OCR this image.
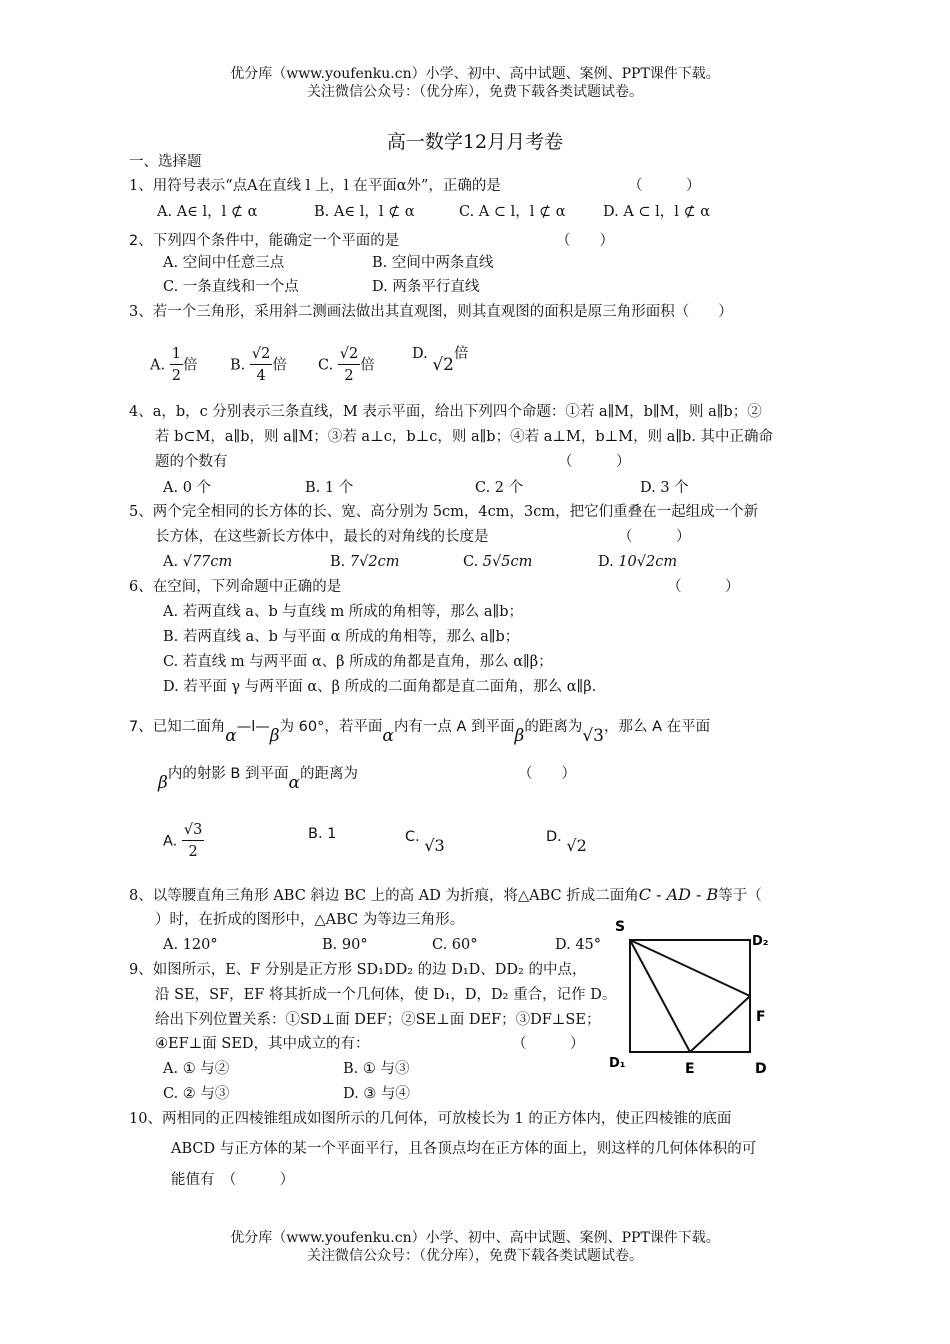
优分库（www.youfenku.cn）小学、初中、高中试题、案例、PPT课件下载。
关注微信公众号：（优分库），免费下载各类试题试卷。
高一数学12月月考卷
一、选择题
1、用符号表示“点A在直线 l 上，l 在平面α外”，正确的是	（　　　）
A. A∈ l，l ⊄ α	B. A∈ l，l ⊄ α	C. A ⊂ l，l ⊄ α	D. A ⊂ l，l ⊄ α
2、下列四个条件中，能确定一个平面的是	（　　）
A. 空间中任意三点	B. 空间中两条直线
C. 一条直线和一个点	D. 两条平行直线
3、若一个三角形，采用斜二测画法做出其直观图，则其直观图的面积是原三角形面积（　　）
A. $\frac{1}{2}$ 倍 B. $\frac{√2}{4}$ 倍 C. $\frac{√2}{2}$ 倍
D. √2倍
4、a，b，c 分别表示三条直线，M 表示平面，给出下列四个命题：①若 a∥M，b∥M，则 a∥b；②
若 b⊂M，a∥b，则 a∥M；③若 a⊥c，b⊥c，则 a∥b；④若 a⊥M，b⊥M，则 a∥b. 其中正确命
题的个数有	（　　　）
A. 0 个	B. 1 个	C. 2 个	D. 3 个
5、两个完全相同的长方体的长、宽、高分别为 5cm，4cm，3cm，把它们重叠在一起组成一个新
长方体，在这些新长方体中，最长的对角线的长度是	（　　　）
A. √77cm	B. 7√2cm	C. 5√5cm	D. 10√2cm
6、在空间，下列命题中正确的是	（　　　）
A. 若两直线 a、b 与直线 m 所成的角相等，那么 a∥b；
B. 若两直线 a、b 与平面 α 所成的角相等，那么 a∥b；
C. 若直线 m 与两平面 α、β 所成的角都是直角，那么 α∥β；
D. 若平面 γ 与两平面 α、β 所成的二面角都是直二面角，那么 α∥β.
7、已知二面角α—l—β为 60°，若平面α内有一点 A 到平面β的距离为√3，那么 A 在平面
β内的射影 B 到平面α的距离为	（　　）
A. $\frac{√3}{2}$	B. 1	C. √3	D. √2
8、以等腰直角三角形 ABC 斜边 BC 上的高 AD 为折痕，将△ABC 折成二面角C - AD - B等于（
）时，在折成的图形中，△ABC 为等边三角形。
A. 120°	B. 90°	C. 60°	D. 45°
9、如图所示，E、F 分别是正方形 SD₁DD₂ 的边 D₁D、DD₂ 的中点，
沿 SE，SF，EF 将其折成一个几何体，使 D₁，D，D₂ 重合，记作 D。
给出下列位置关系：①SD⊥面 DEF；②SE⊥面 DEF；③DF⊥SE；
④EF⊥面 SED，其中成立的有：	（　　　）
A. ① 与②	B. ① 与③
C. ② 与③	D. ③ 与④
S
D₂
F
D₁	E	D
10、两相同的正四棱锥组成如图所示的几何体，可放棱长为 1 的正方体内，使正四棱锥的底面
ABCD 与正方体的某一个平面平行，且各顶点均在正方体的面上，则这样的几何体体积的可
能值有　（　　　）
优分库（www.youfenku.cn）小学、初中、高中试题、案例、PPT课件下载。
关注微信公众号：（优分库），免费下载各类试题试卷。
